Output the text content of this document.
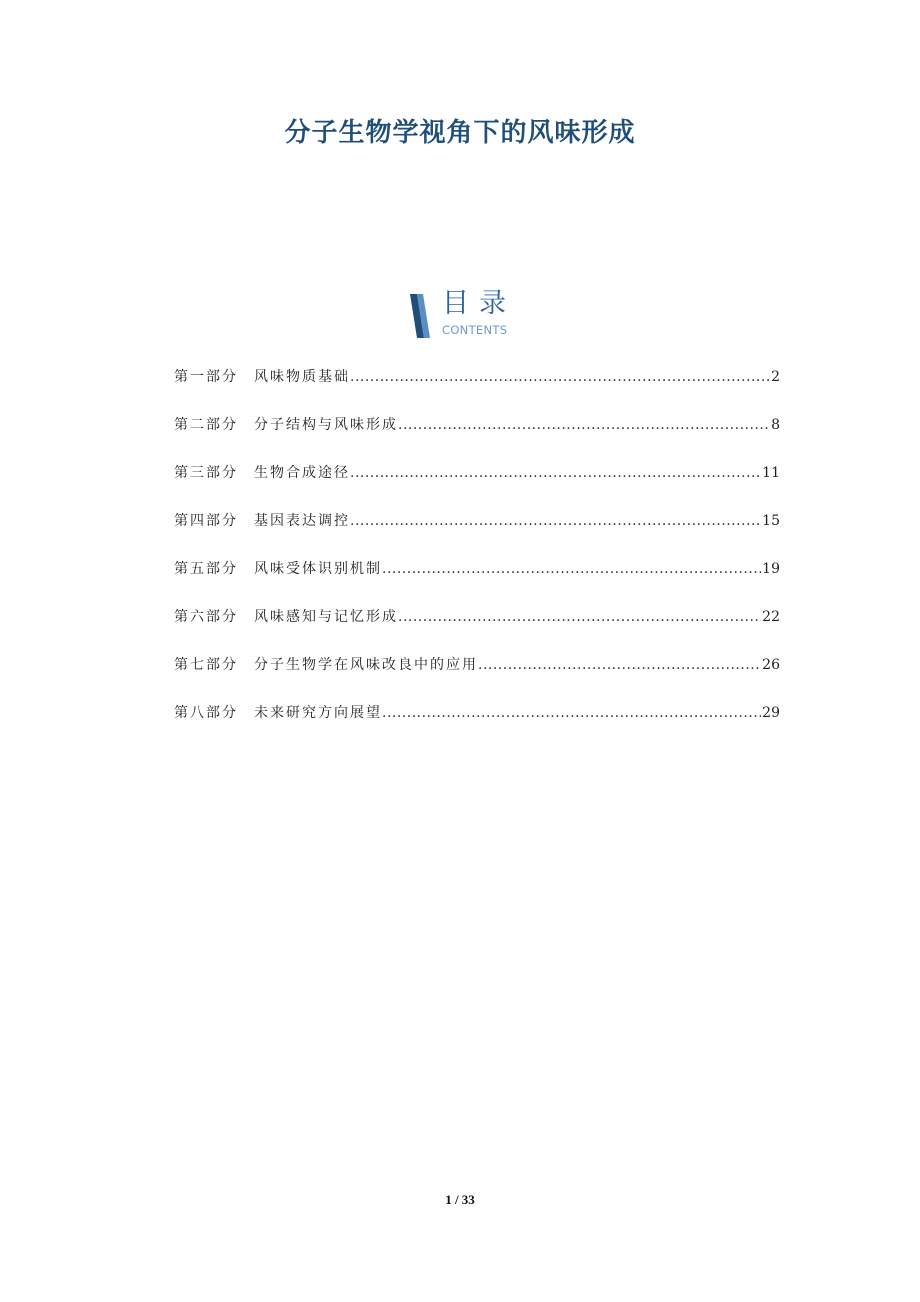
分子生物学视角下的风味形成
目录
CONTENTS
第一部分	风味物质基础 .....	2
第二部分	分子结构与风味形成 .....	8
第三部分	生物合成途径 .....	11
第四部分	基因表达调控 .....	15
第五部分	风味受体识别机制 .....	19
第六部分	风味感知与记忆形成 .....	22
第七部分	分子生物学在风味改良中的应用 .....	26
第八部分	未来研究方向展望 .....	29
1 / 33
